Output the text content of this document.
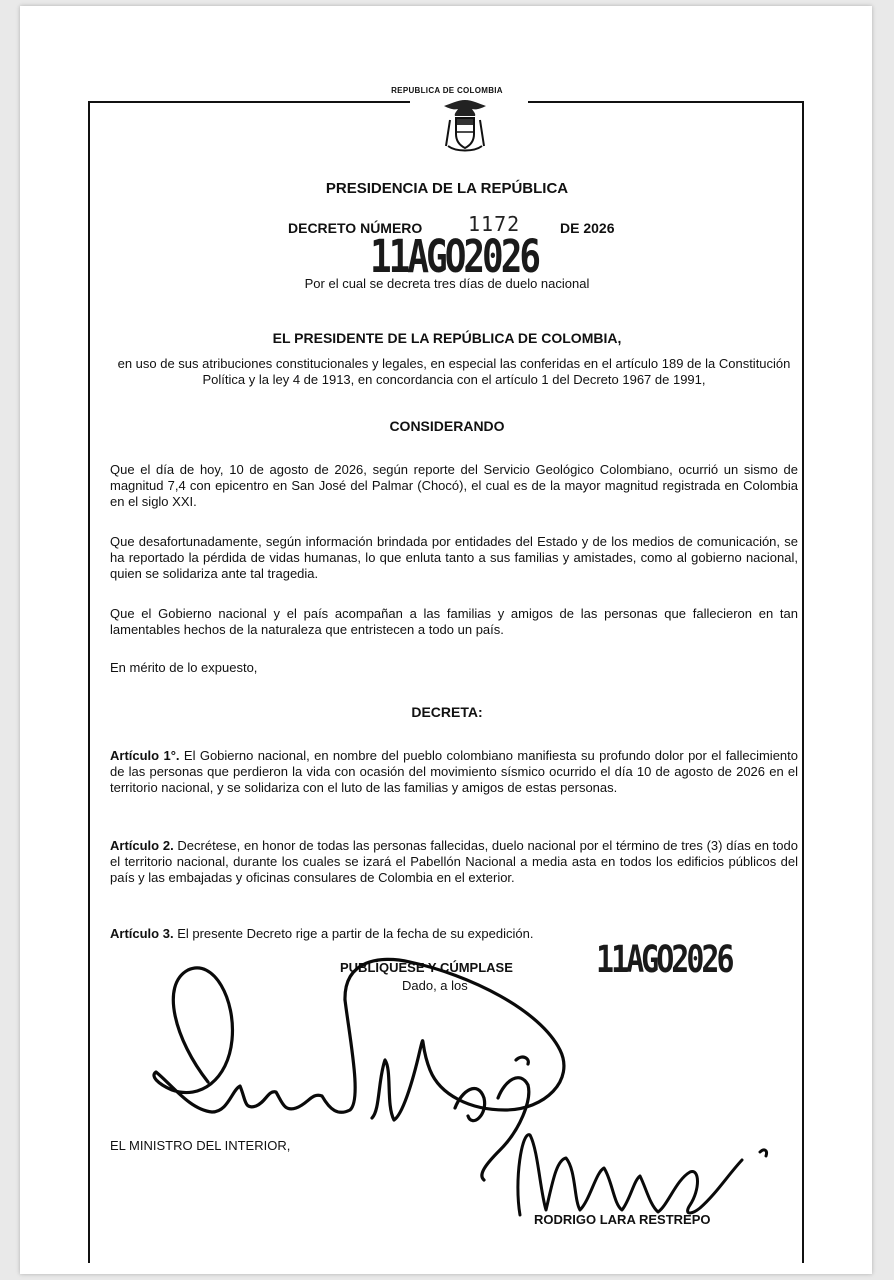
REPUBLICA DE COLOMBIA
PRESIDENCIA DE LA REPÚBLICA
DECRETO NÚMERO 1172	DE 2026
11AGO2026
Por el cual se decreta tres días de duelo nacional
EL PRESIDENTE DE LA REPÚBLICA DE COLOMBIA,
en uso de sus atribuciones constitucionales y legales, en especial las conferidas en el artículo 189 de la Constitución Política y la ley 4 de 1913, en concordancia con el artículo 1 del Decreto 1967 de 1991,
CONSIDERANDO
Que el día de hoy, 10 de agosto de 2026, según reporte del Servicio Geológico Colombiano, ocurrió un sismo de magnitud 7,4 con epicentro en San José del Palmar (Chocó), el cual es de la mayor magnitud registrada en Colombia en el siglo XXI.
Que desafortunadamente, según información brindada por entidades del Estado y de los medios de comunicación, se ha reportado la pérdida de vidas humanas, lo que enluta tanto a sus familias y amistades, como al gobierno nacional, quien se solidariza ante tal tragedia.
Que el Gobierno nacional y el país acompañan a las familias y amigos de las personas que fallecieron en tan lamentables hechos de la naturaleza que entristecen a todo un país.
En mérito de lo expuesto,
DECRETA:
Artículo 1°. El Gobierno nacional, en nombre del pueblo colombiano manifiesta su profundo dolor por el fallecimiento de las personas que perdieron la vida con ocasión del movimiento sísmico ocurrido el día 10 de agosto de 2026 en el territorio nacional, y se solidariza con el luto de las familias y amigos de estas personas.
Artículo 2. Decrétese, en honor de todas las personas fallecidas, duelo nacional por el término de tres (3) días en todo el territorio nacional, durante los cuales se izará el Pabellón Nacional a media asta en todos los edificios públicos del país y las embajadas y oficinas consulares de Colombia en el exterior.
Artículo 3. El presente Decreto rige a partir de la fecha de su expedición.
PUBLÍQUESE Y CÚMPLASE
Dado, a los
11AGO2026
EL MINISTRO DEL INTERIOR,
RODRIGO LARA RESTREPO
